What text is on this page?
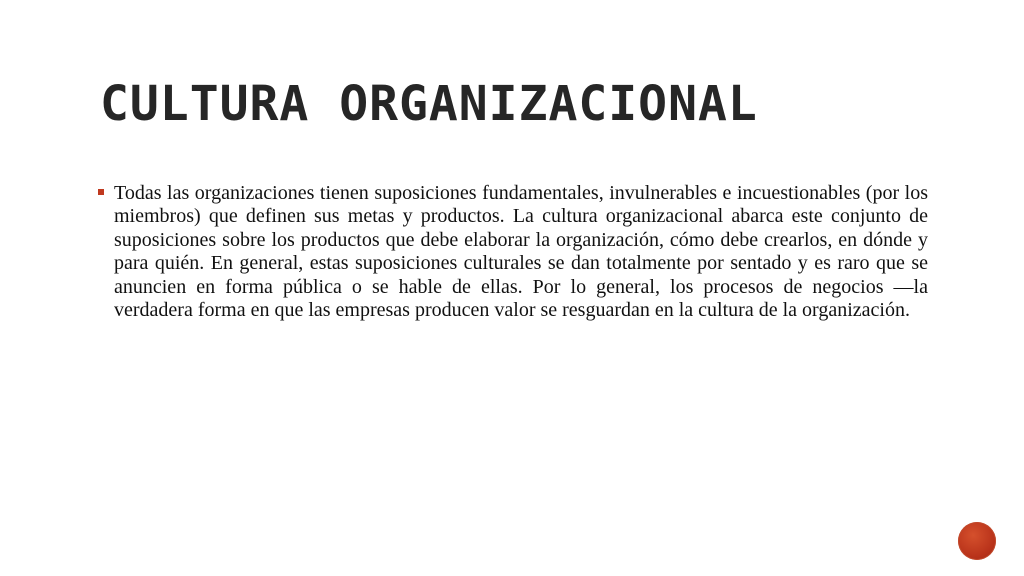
CULTURA ORGANIZACIONAL

Todas las organizaciones tienen suposiciones fundamentales, invulnerables e incuestionables (por los miembros) que definen sus metas y productos. La cultura organizacional abarca este conjunto de suposiciones sobre los productos que debe elaborar la organización, cómo debe crearlos, en dónde y para quién. En general, estas suposiciones culturales se dan totalmente por sentado y es raro que se anuncien en forma pública o se hable de ellas. Por lo general, los procesos de negocios —la verdadera forma en que las empresas producen valor se resguardan en la cultura de la organización.
